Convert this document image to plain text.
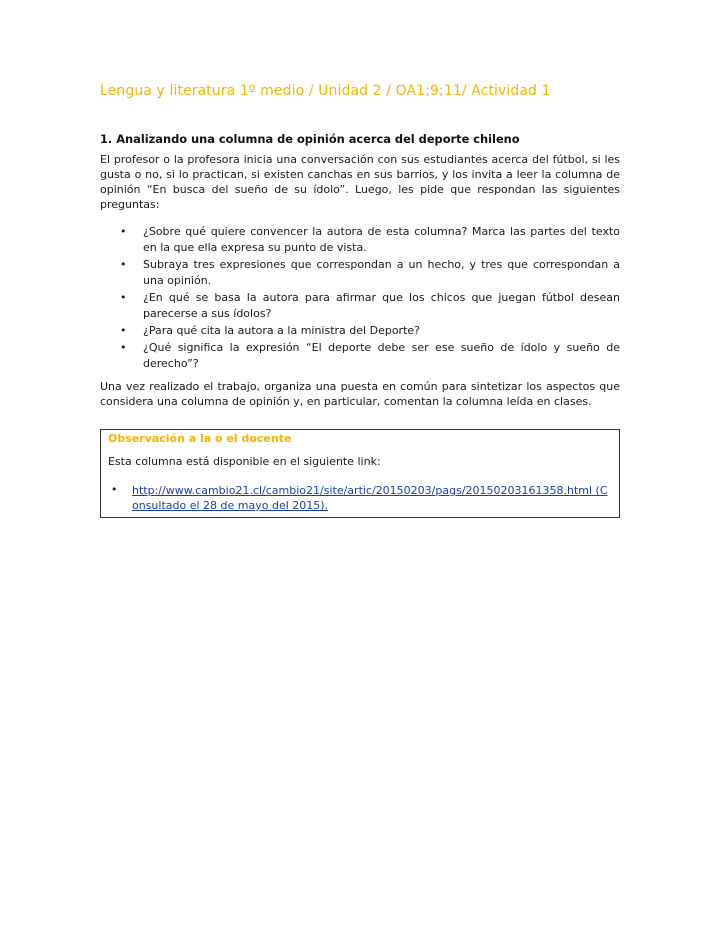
Lengua y literatura 1º medio / Unidad 2 / OA1;9;11/ Actividad 1
1. Analizando una columna de opinión acerca del deporte chileno
El profesor o la profesora inicia una conversación con sus estudiantes acerca del fútbol, si les gusta o no, si lo practican, si existen canchas en sus barrios, y los invita a leer la columna de opinión “En busca del sueño de su ídolo”. Luego, les pide que respondan las siguientes preguntas:
• ¿Sobre qué quiere convencer la autora de esta columna? Marca las partes del texto en la que ella expresa su punto de vista.
• Subraya tres expresiones que correspondan a un hecho, y tres que correspondan a una opinión.
• ¿En qué se basa la autora para afirmar que los chicos que juegan fútbol desean parecerse a sus ídolos?
• ¿Para qué cita la autora a la ministra del Deporte?
• ¿Qué significa la expresión “El deporte debe ser ese sueño de ídolo y sueño de derecho”?
Una vez realizado el trabajo, organiza una puesta en común para sintetizar los aspectos que considera una columna de opinión y, en particular, comentan la columna leída en clases.
Observación a la o el docente
Esta columna está disponible en el siguiente link:
• http://www.cambio21.cl/cambio21/site/artic/20150203/pags/20150203161358.html (Consultado el 28 de mayo del 2015).
